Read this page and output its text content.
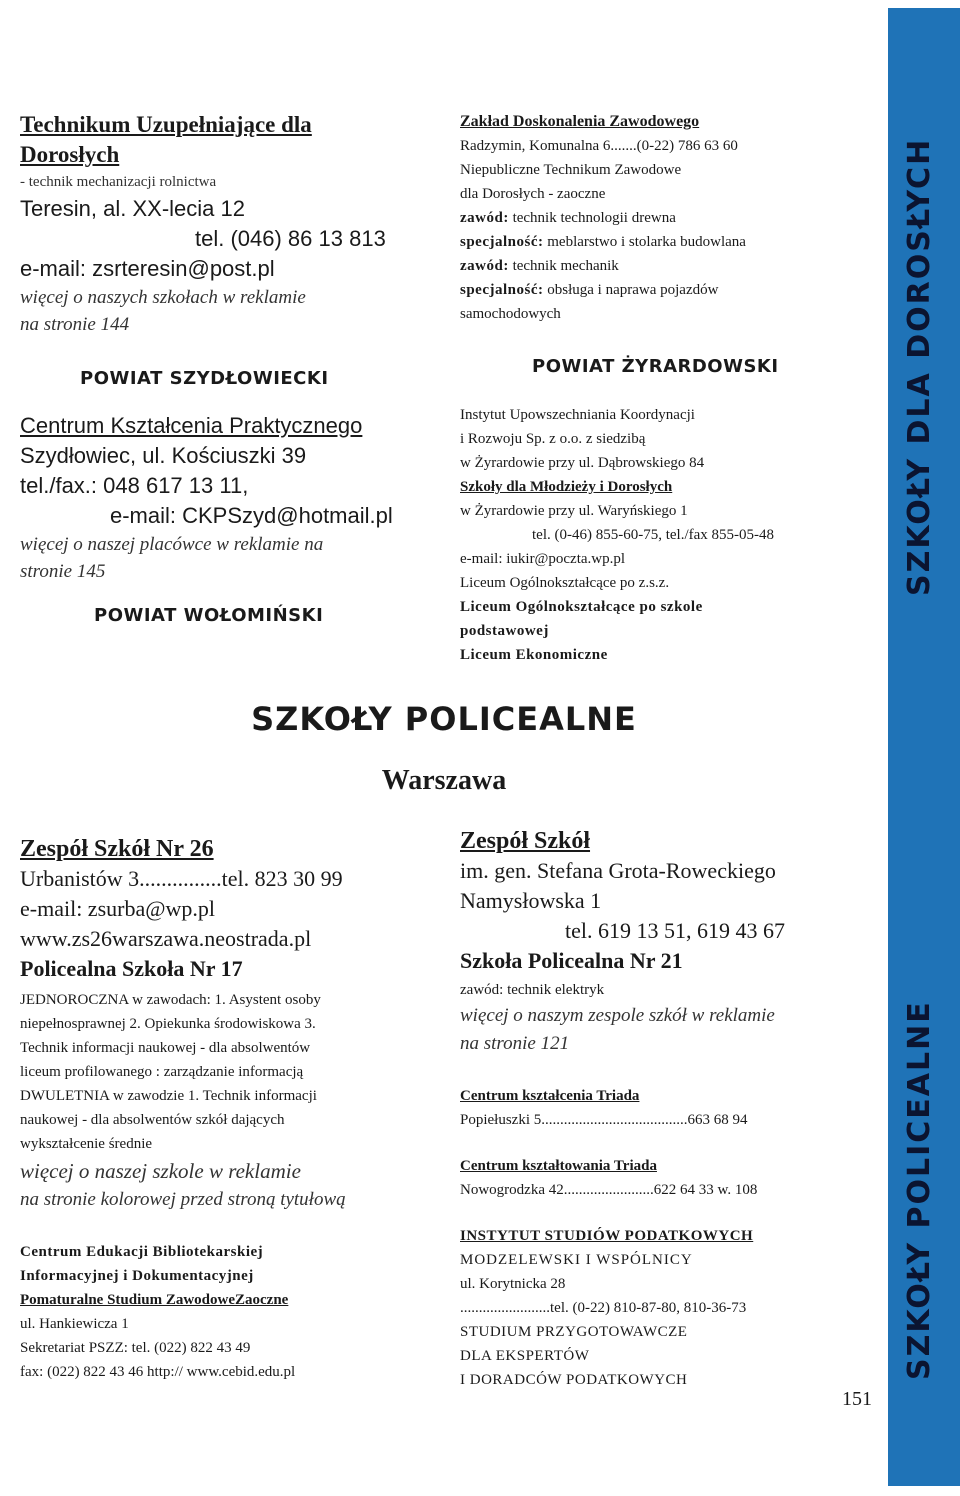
SZKOŁY DLA DOROSŁYCH
SZKOŁY POLICEALNE
151
Technikum Uzupełniające dla
Dorosłych
- technik mechanizacji rolnictwa
Teresin, al. XX-lecia 12
tel. (046) 86 13 813
e-mail: zsrteresin@post.pl
więcej o naszych szkołach w reklamie
na stronie 144
POWIAT SZYDŁOWIECKI
Centrum Kształcenia Praktycznego
Szydłowiec, ul. Kościuszki 39
tel./fax.: 048 617 13 11,
e-mail: CKPSzyd@hotmail.pl
więcej o naszej placówce w reklamie na
stronie 145
POWIAT WOŁOMIŃSKI
Zakład Doskonalenia Zawodowego
Radzymin, Komunalna 6.......(0-22) 786 63 60
Niepubliczne Technikum Zawodowe
dla Dorosłych - zaoczne
zawód: technik technologii drewna
specjalność: meblarstwo i stolarka budowlana
zawód: technik mechanik
specjalność: obsługa i naprawa pojazdów
samochodowych
POWIAT ŻYRARDOWSKI
Instytut Upowszechniania Koordynacji
i Rozwoju Sp. z o.o. z siedzibą
w Żyrardowie przy ul. Dąbrowskiego 84
Szkoły dla Młodzieży i Dorosłych
w Żyrardowie przy ul. Waryńskiego 1
tel. (0-46) 855-60-75, tel./fax 855-05-48
e-mail: iukir@poczta.wp.pl
Liceum Ogólnokształcące po z.s.z.
Liceum Ogólnokształcące po szkole
podstawowej
Liceum Ekonomiczne
SZKOŁY POLICEALNE
Warszawa
Zespół Szkół Nr 26
Urbanistów 3...............tel. 823 30 99
e-mail: zsurba@wp.pl
www.zs26warszawa.neostrada.pl
Policealna Szkoła Nr 17
JEDNOROCZNA w zawodach: 1. Asystent osoby
niepełnosprawnej 2. Opiekunka środowiskowa 3.
Technik informacji naukowej - dla absolwentów
liceum profilowanego : zarządzanie informacją
DWULETNIA w zawodzie 1. Technik informacji
naukowej - dla absolwentów szkół dających
wykształcenie średnie
więcej o naszej szkole w reklamie
na stronie kolorowej przed stroną tytułową
Centrum Edukacji Bibliotekarskiej
Informacyjnej i Dokumentacyjnej
Pomaturalne Studium ZawodoweZaoczne
ul. Hankiewicza 1
Sekretariat PSZZ: tel. (022) 822 43 49
fax: (022) 822 43 46 http:// www.cebid.edu.pl
Zespół Szkół
im. gen. Stefana Grota-Roweckiego
Namysłowska 1
tel. 619 13 51, 619 43 67
Szkoła Policealna Nr 21
zawód: technik elektryk
więcej o naszym zespole szkół w reklamie
na stronie 121
Centrum kształcenia Triada
Popiełuszki 5.......................................663 68 94
Centrum kształtowania Triada
Nowogrodzka 42........................622 64 33 w. 108
INSTYTUT STUDIÓW PODATKOWYCH
MODZELEWSKI I WSPÓLNICY
ul. Korytnicka 28
........................tel. (0-22) 810-87-80, 810-36-73
STUDIUM PRZYGOTOWAWCZE
DLA EKSPERTÓW
I DORADCÓW PODATKOWYCH
